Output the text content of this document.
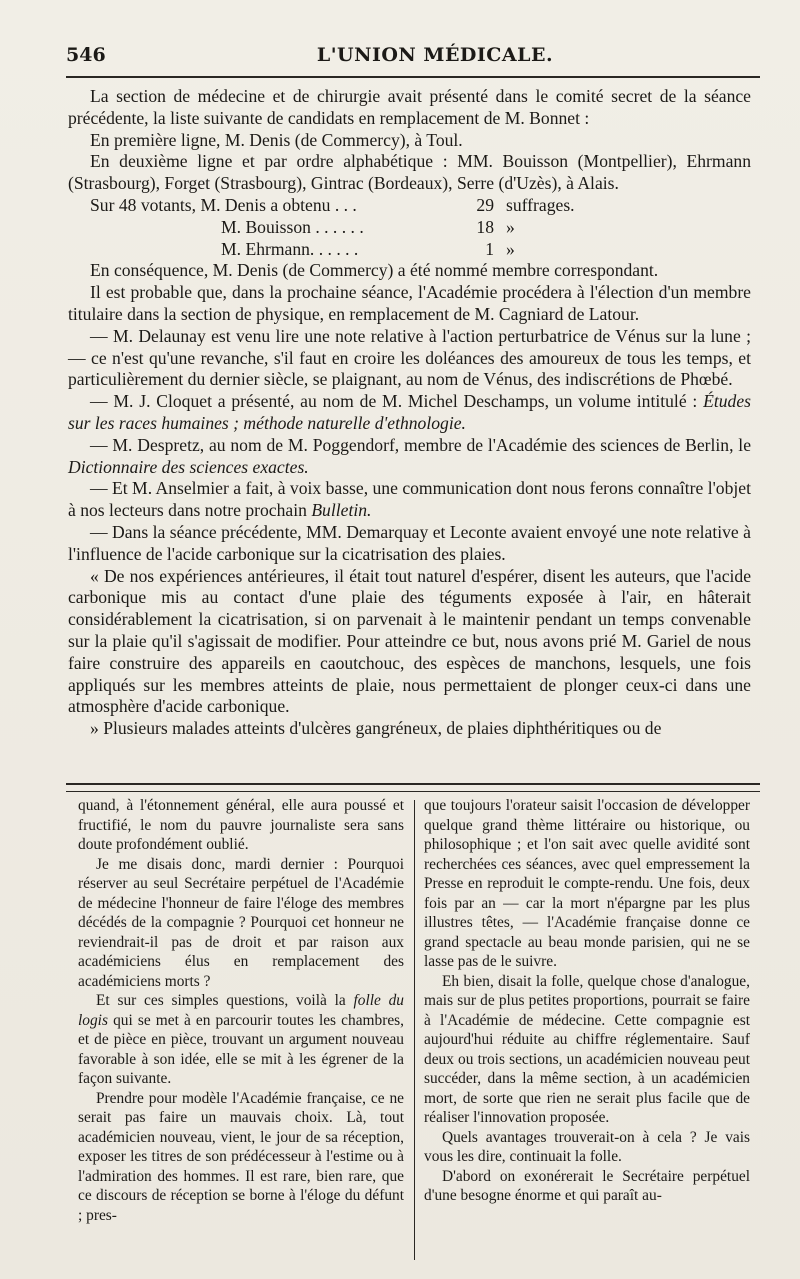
546	L'UNION MÉDICALE.

La section de médecine et de chirurgie avait présenté dans le comité secret de la séance précédente, la liste suivante de candidats en remplacement de M. Bonnet :

En première ligne, M. Denis (de Commercy), à Toul.

En deuxième ligne et par ordre alphabétique : MM. Bouisson (Montpellier), Ehrmann (Strasbourg), Forget (Strasbourg), Gintrac (Bordeaux), Serre (d'Uzès), à Alais.

Sur 48 votants, M. Denis a obtenu . . .	29 suffrages.
M. Bouisson . . . . . .	18 »
M. Ehrmann. . . . . .	1 »

En conséquence, M. Denis (de Commercy) a été nommé membre correspondant.

Il est probable que, dans la prochaine séance, l'Académie procédera à l'élection d'un membre titulaire dans la section de physique, en remplacement de M. Cagniard de Latour.

— M. Delaunay est venu lire une note relative à l'action perturbatrice de Vénus sur la lune ; — ce n'est qu'une revanche, s'il faut en croire les doléances des amoureux de tous les temps, et particulièrement du dernier siècle, se plaignant, au nom de Vénus, des indiscrétions de Phœbé.

— M. J. Cloquet a présenté, au nom de M. Michel Deschamps, un volume intitulé : Études sur les races humaines ; méthode naturelle d'ethnologie.

— M. Despretz, au nom de M. Poggendorf, membre de l'Académie des sciences de Berlin, le Dictionnaire des sciences exactes.

— Et M. Anselmier a fait, à voix basse, une communication dont nous ferons connaître l'objet à nos lecteurs dans notre prochain Bulletin.

— Dans la séance précédente, MM. Demarquay et Leconte avaient envoyé une note relative à l'influence de l'acide carbonique sur la cicatrisation des plaies.

« De nos expériences antérieures, il était tout naturel d'espérer, disent les auteurs, que l'acide carbonique mis au contact d'une plaie des téguments exposée à l'air, en hâterait considérablement la cicatrisation, si on parvenait à le maintenir pendant un temps convenable sur la plaie qu'il s'agissait de modifier. Pour atteindre ce but, nous avons prié M. Gariel de nous faire construire des appareils en caoutchouc, des espèces de manchons, lesquels, une fois appliqués sur les membres atteints de plaie, nous permettaient de plonger ceux-ci dans une atmosphère d'acide carbonique.

» Plusieurs malades atteints d'ulcères gangréneux, de plaies diphthéritiques ou de

quand, à l'étonnement général, elle aura poussé et fructifié, le nom du pauvre journaliste sera sans doute profondément oublié.

Je me disais donc, mardi dernier : Pourquoi réserver au seul Secrétaire perpétuel de l'Académie de médecine l'honneur de faire l'éloge des membres décédés de la compagnie ? Pourquoi cet honneur ne reviendrait-il pas de droit et par raison aux académiciens élus en remplacement des académiciens morts ?

Et sur ces simples questions, voilà la folle du logis qui se met à en parcourir toutes les chambres, et de pièce en pièce, trouvant un argument nouveau favorable à son idée, elle se mit à les égrener de la façon suivante.

Prendre pour modèle l'Académie française, ce ne serait pas faire un mauvais choix. Là, tout académicien nouveau, vient, le jour de sa réception, exposer les titres de son prédécesseur à l'estime ou à l'admiration des hommes. Il est rare, bien rare, que ce discours de réception se borne à l'éloge du défunt ; pres-

que toujours l'orateur saisit l'occasion de développer quelque grand thème littéraire ou historique, ou philosophique ; et l'on sait avec quelle avidité sont recherchées ces séances, avec quel empressement la Presse en reproduit le compte-rendu. Une fois, deux fois par an — car la mort n'épargne par les plus illustres têtes, — l'Académie française donne ce grand spectacle au beau monde parisien, qui ne se lasse pas de le suivre.

Eh bien, disait la folle, quelque chose d'analogue, mais sur de plus petites proportions, pourrait se faire à l'Académie de médecine. Cette compagnie est aujourd'hui réduite au chiffre réglementaire. Sauf deux ou trois sections, un académicien nouveau peut succéder, dans la même section, à un académicien mort, de sorte que rien ne serait plus facile que de réaliser l'innovation proposée.

Quels avantages trouverait-on à cela ? Je vais vous les dire, continuait la folle.

D'abord on exonérerait le Secrétaire perpétuel d'une besogne énorme et qui paraît au-
